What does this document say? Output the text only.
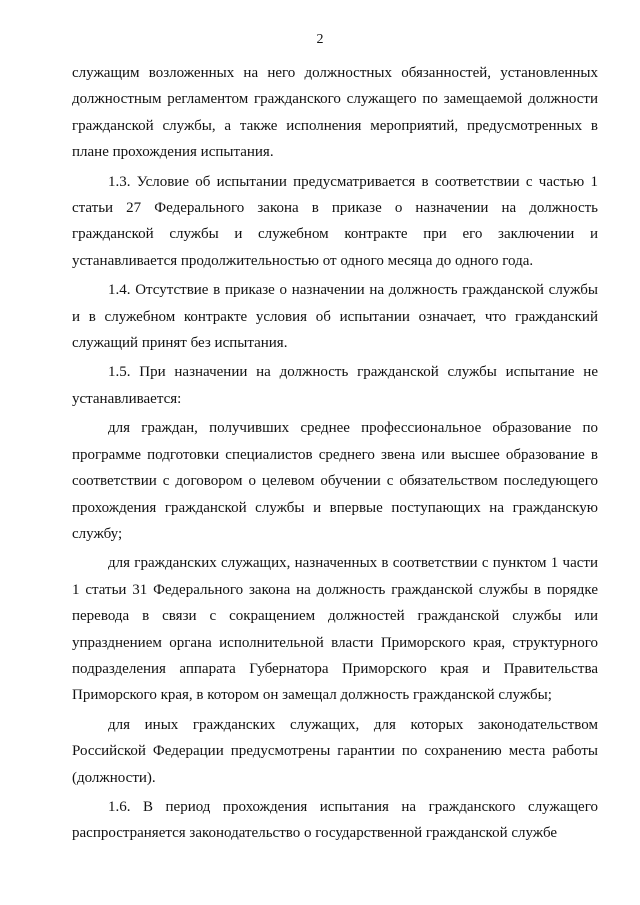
2

служащим возложенных на него должностных обязанностей, установленных должностным регламентом гражданского служащего по замещаемой должности гражданской службы, а также исполнения мероприятий, предусмотренных в плане прохождения испытания.

1.3. Условие об испытании предусматривается в соответствии с частью 1 статьи 27 Федерального закона в приказе о назначении на должность гражданской службы и служебном контракте при его заключении и устанавливается продолжительностью от одного месяца до одного года.

1.4. Отсутствие в приказе о назначении на должность гражданской службы и в служебном контракте условия об испытании означает, что гражданский служащий принят без испытания.

1.5. При назначении на должность гражданской службы испытание не устанавливается:

для граждан, получивших среднее профессиональное образование по программе подготовки специалистов среднего звена или высшее образование в соответствии с договором о целевом обучении с обязательством последующего прохождения гражданской службы и впервые поступающих на гражданскую службу;

для гражданских служащих, назначенных в соответствии с пунктом 1 части 1 статьи 31 Федерального закона на должность гражданской службы в порядке перевода в связи с сокращением должностей гражданской службы или упразднением органа исполнительной власти Приморского края, структурного подразделения аппарата Губернатора Приморского края и Правительства Приморского края, в котором он замещал должность гражданской службы;

для иных гражданских служащих, для которых законодательством Российской Федерации предусмотрены гарантии по сохранению места работы (должности).

1.6. В период прохождения испытания на гражданского служащего распространяется законодательство о государственной гражданской службе
